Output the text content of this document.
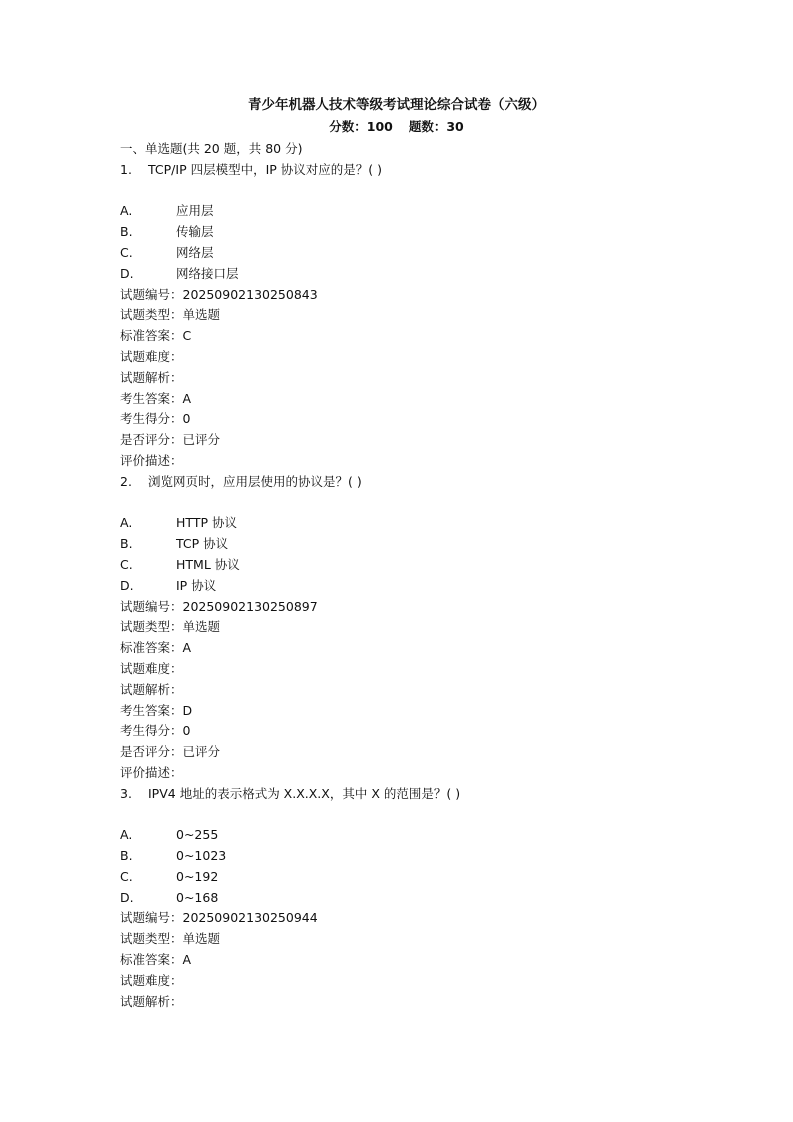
青少年机器人技术等级考试理论综合试卷（六级）
分数：100 题数：30
一、单选题(共 20 题，共 80 分)
1. TCP/IP 四层模型中，IP 协议对应的是？( )
A.	应用层
B.	传输层
C.	网络层
D.	网络接口层
试题编号：20250902130250843
试题类型：单选题
标准答案：C
试题难度：
试题解析：
考生答案：A
考生得分：0
是否评分：已评分
评价描述：
2. 浏览网页时，应用层使用的协议是？( )
A.	HTTP 协议
B.	TCP 协议
C.	HTML 协议
D.	IP 协议
试题编号：20250902130250897
试题类型：单选题
标准答案：A
试题难度：
试题解析：
考生答案：D
考生得分：0
是否评分：已评分
评价描述：
3. IPV4 地址的表示格式为 X.X.X.X，其中 X 的范围是？( )
A.	0~255
B.	0~1023
C.	0~192
D.	0~168
试题编号：20250902130250944
试题类型：单选题
标准答案：A
试题难度：
试题解析：
